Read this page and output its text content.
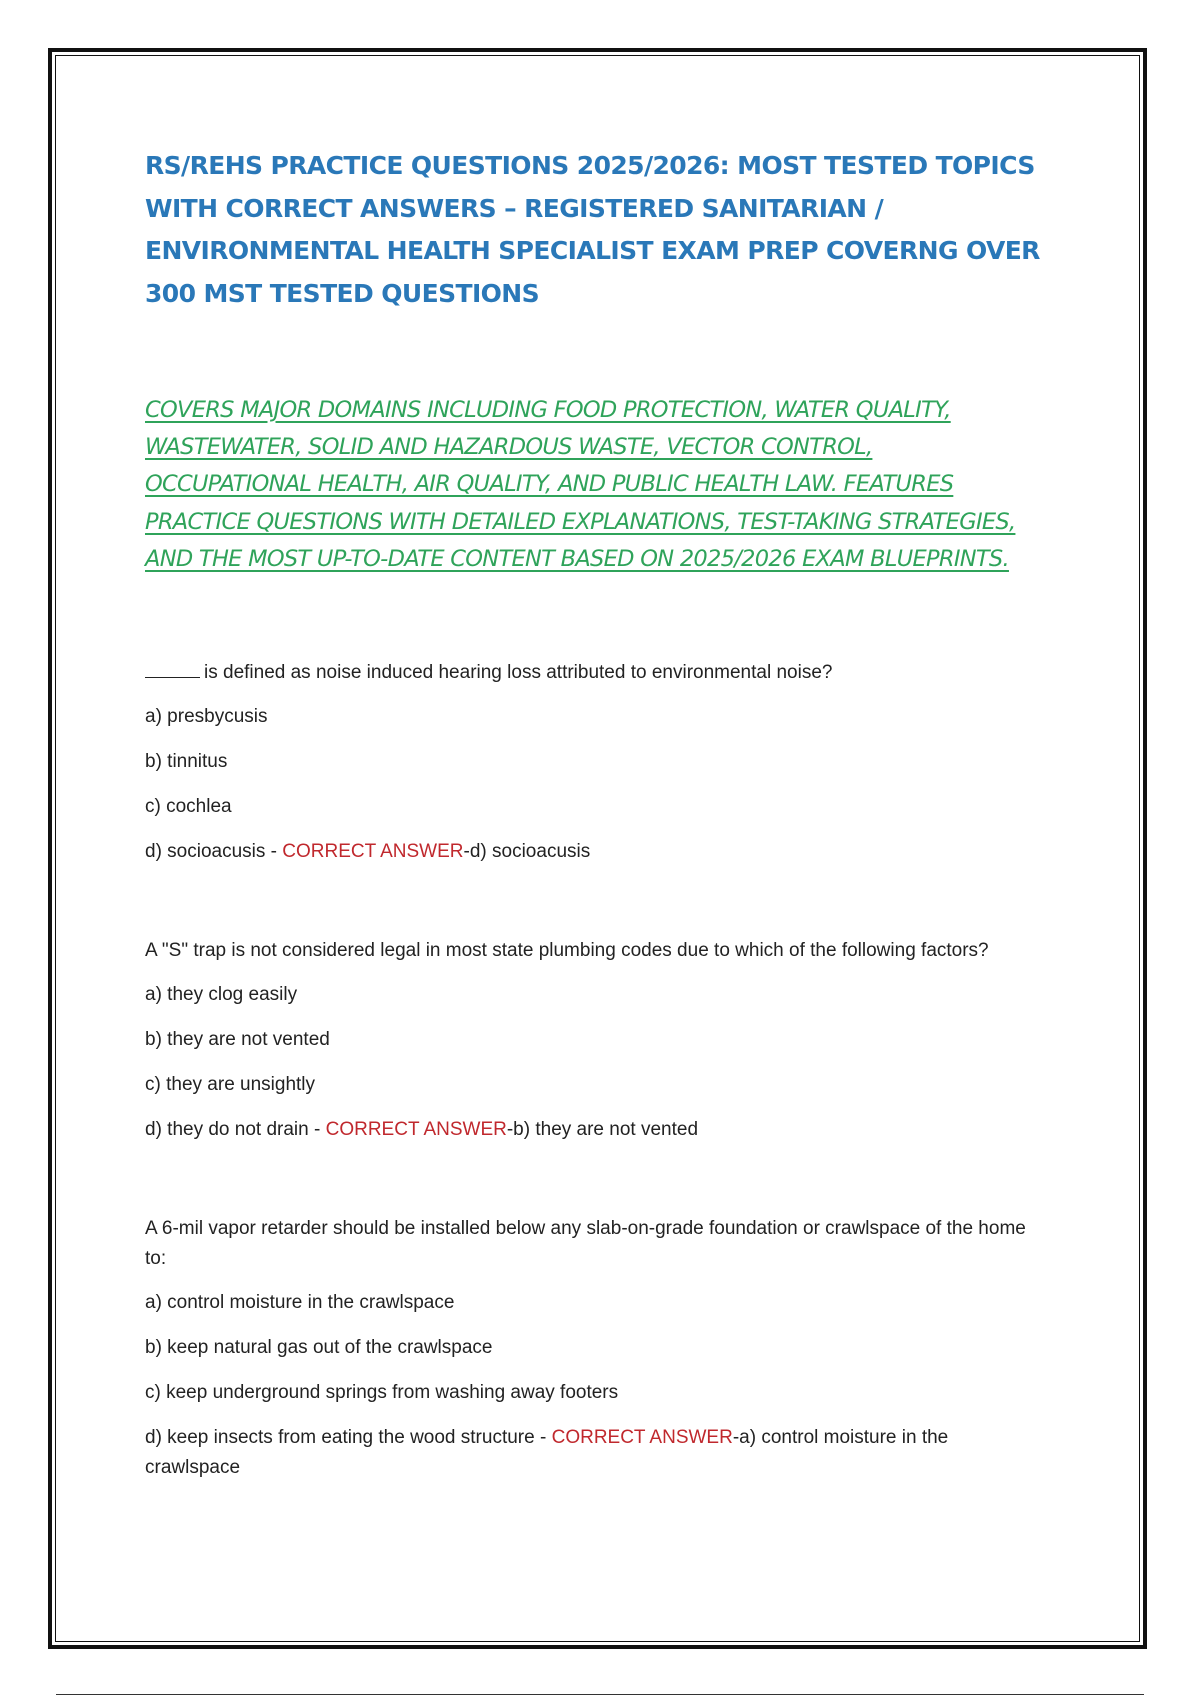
RS/REHS PRACTICE QUESTIONS 2025/2026: MOST TESTED TOPICS WITH CORRECT ANSWERS – REGISTERED SANITARIAN / ENVIRONMENTAL HEALTH SPECIALIST EXAM PREP COVERNG OVER 300 MST TESTED QUESTIONS

COVERS MAJOR DOMAINS INCLUDING FOOD PROTECTION, WATER QUALITY, WASTEWATER, SOLID AND HAZARDOUS WASTE, VECTOR CONTROL, OCCUPATIONAL HEALTH, AIR QUALITY, AND PUBLIC HEALTH LAW. FEATURES PRACTICE QUESTIONS WITH DETAILED EXPLANATIONS, TEST-TAKING STRATEGIES, AND THE MOST UP-TO-DATE CONTENT BASED ON 2025/2026 EXAM BLUEPRINTS.

is defined as noise induced hearing loss attributed to environmental noise?

a) presbycusis

b) tinnitus

c) cochlea

d) socioacusis - CORRECT ANSWER-d) socioacusis

A "S" trap is not considered legal in most state plumbing codes due to which of the following factors?

a) they clog easily

b) they are not vented

c) they are unsightly

d) they do not drain - CORRECT ANSWER-b) they are not vented

A 6-mil vapor retarder should be installed below any slab-on-grade foundation or crawlspace of the home to:

a) control moisture in the crawlspace

b) keep natural gas out of the crawlspace

c) keep underground springs from washing away footers

d) keep insects from eating the wood structure - CORRECT ANSWER-a) control moisture in the crawlspace
